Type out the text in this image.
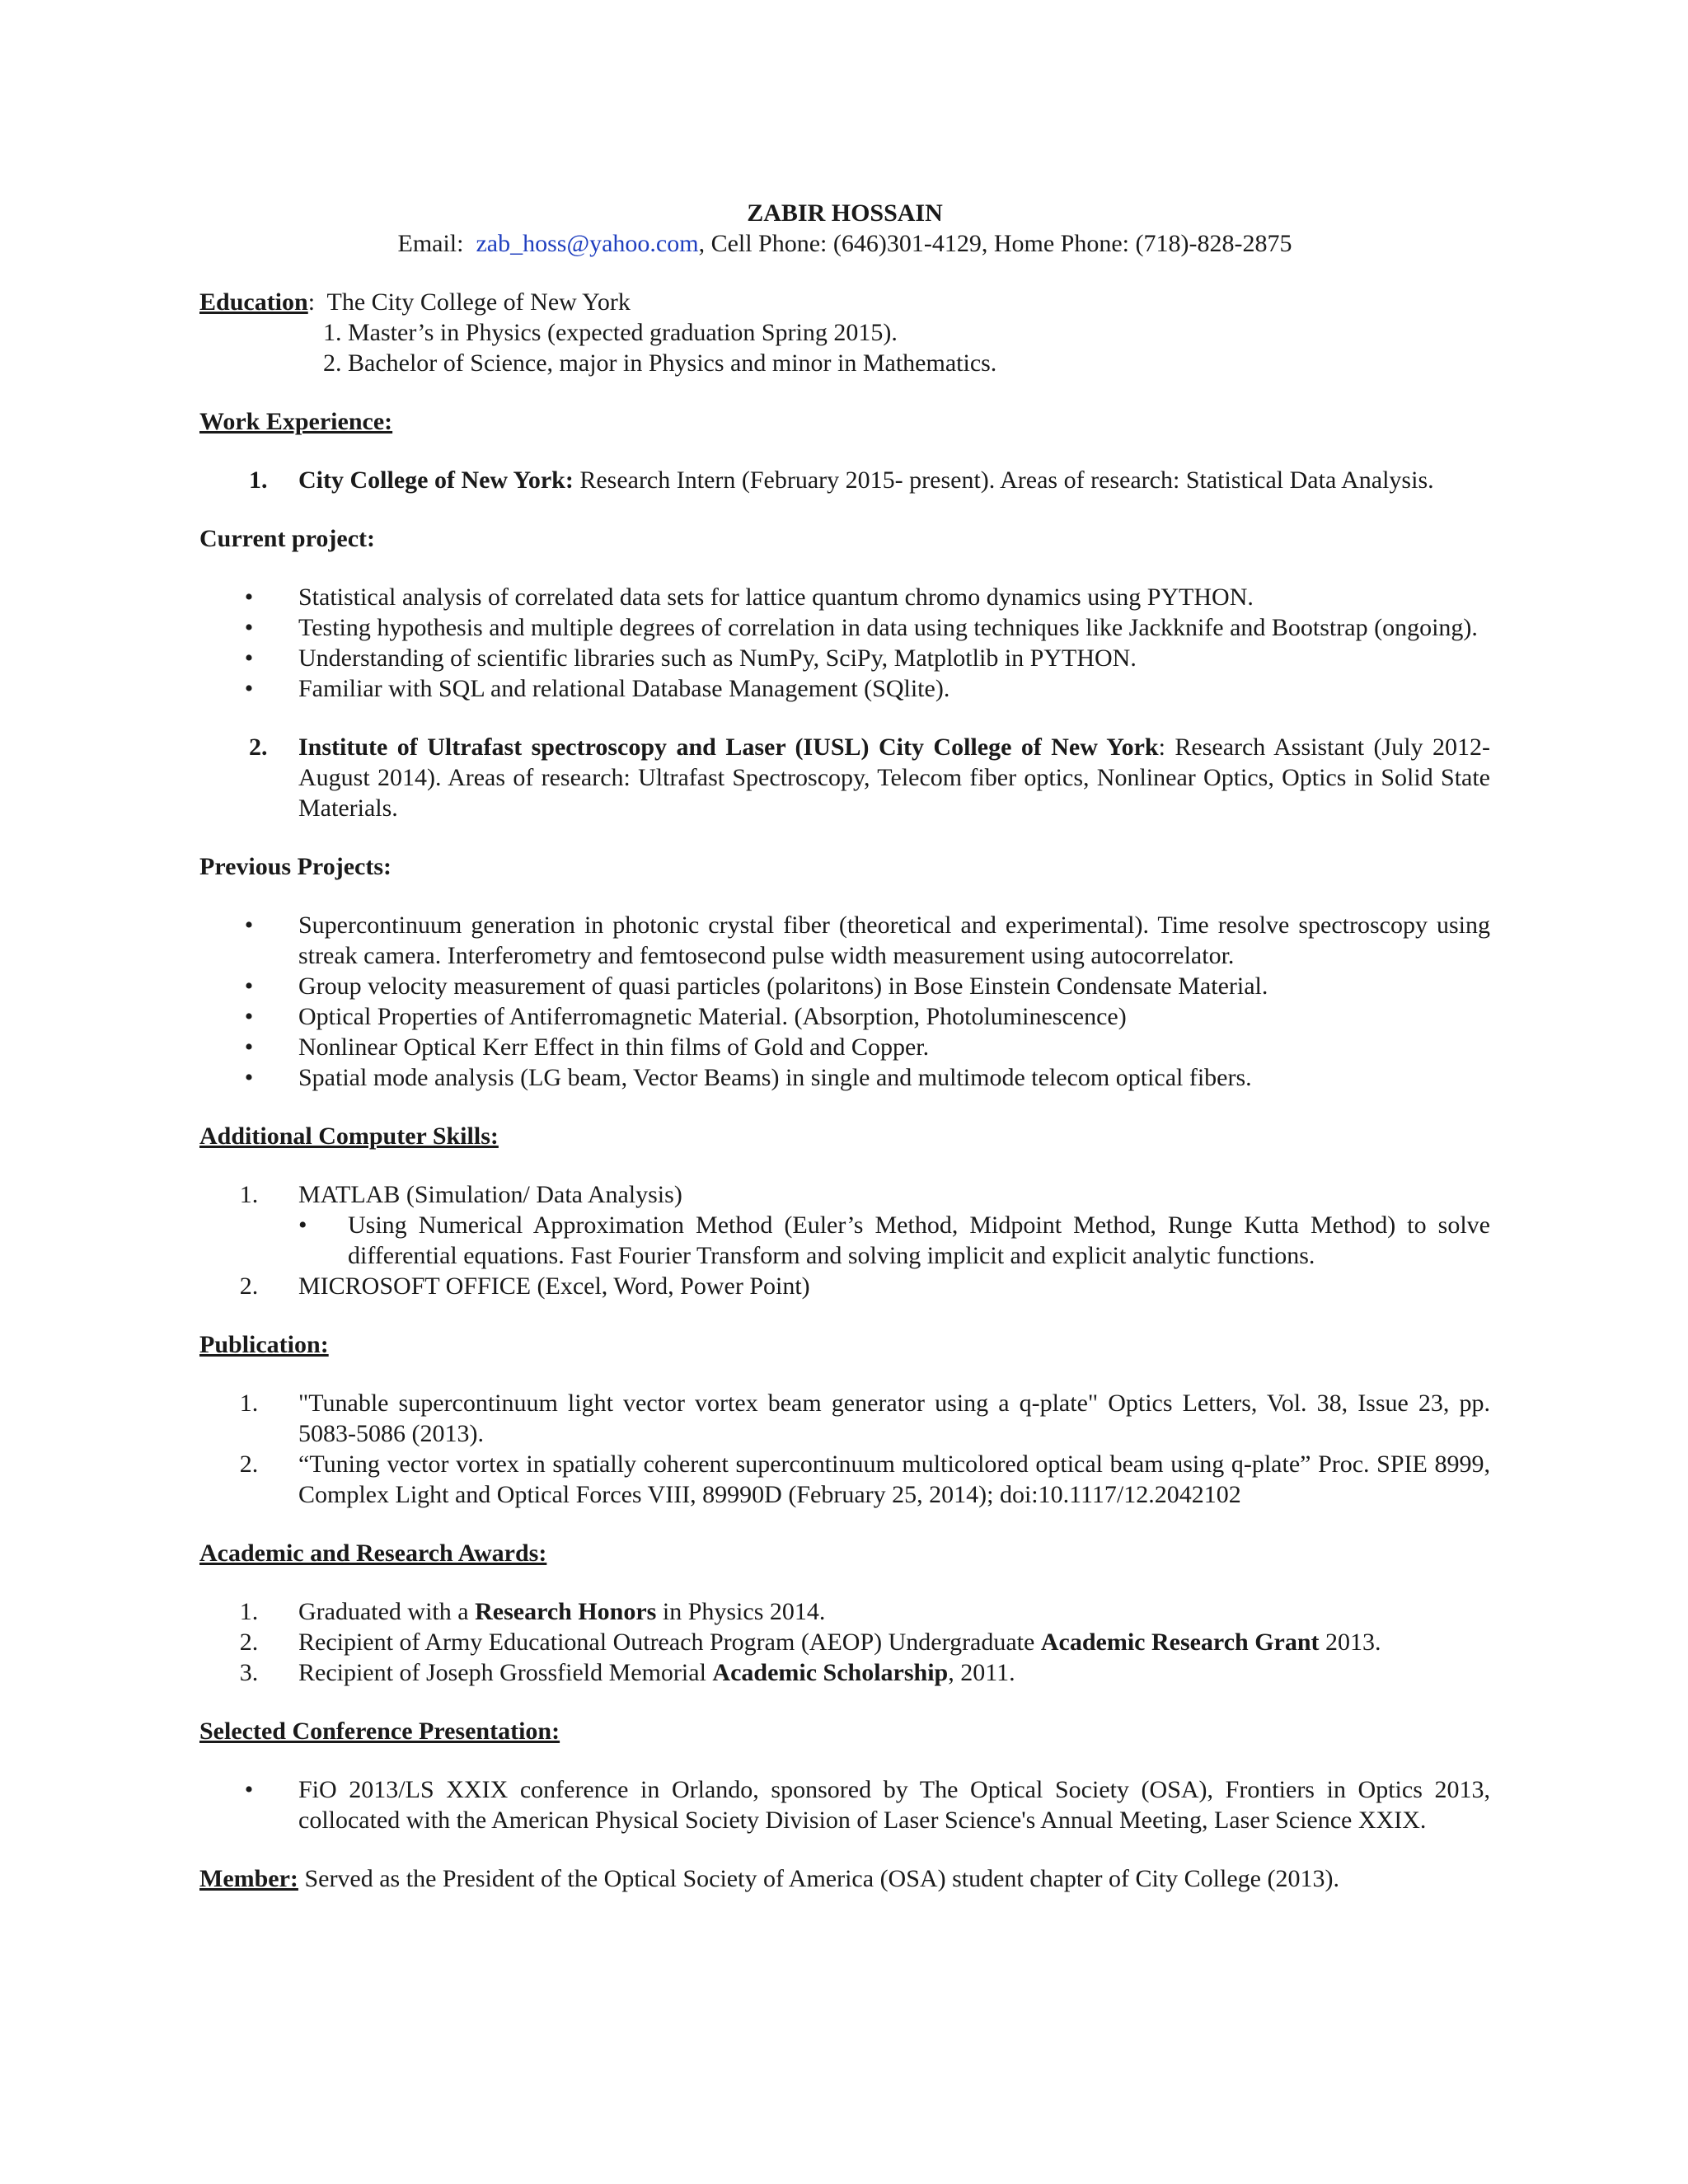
ZABIR HOSSAIN
Email: zab_hoss@yahoo.com, Cell Phone: (646)301-4129, Home Phone: (718)-828-2875
Education: The City College of New York
1. Master’s in Physics (expected graduation Spring 2015).
2. Bachelor of Science, major in Physics and minor in Mathematics.
Work Experience:
1.	City College of New York: Research Intern (February 2015- present). Areas of research: Statistical Data Analysis.
Current project:
•	Statistical analysis of correlated data sets for lattice quantum chromo dynamics using PYTHON.
•	Testing hypothesis and multiple degrees of correlation in data using techniques like Jackknife and Bootstrap (ongoing).
•	Understanding of scientific libraries such as NumPy, SciPy, Matplotlib in PYTHON.
•	Familiar with SQL and relational Database Management (SQlite).
2.	Institute of Ultrafast spectroscopy and Laser (IUSL) City College of New York: Research Assistant (July 2012-August 2014). Areas of research: Ultrafast Spectroscopy, Telecom fiber optics, Nonlinear Optics, Optics in Solid State Materials.
Previous Projects:
•	Supercontinuum generation in photonic crystal fiber (theoretical and experimental). Time resolve spectroscopy using streak camera. Interferometry and femtosecond pulse width measurement using autocorrelator.
•	Group velocity measurement of quasi particles (polaritons) in Bose Einstein Condensate Material.
•	Optical Properties of Antiferromagnetic Material. (Absorption, Photoluminescence)
•	Nonlinear Optical Kerr Effect in thin films of Gold and Copper.
•	Spatial mode analysis (LG beam, Vector Beams) in single and multimode telecom optical fibers.
Additional Computer Skills:
1.	MATLAB (Simulation/ Data Analysis)
•	Using Numerical Approximation Method (Euler’s Method, Midpoint Method, Runge Kutta Method) to solve differential equations. Fast Fourier Transform and solving implicit and explicit analytic functions.
2.	MICROSOFT OFFICE (Excel, Word, Power Point)
Publication:
1.	"Tunable supercontinuum light vector vortex beam generator using a q-plate" Optics Letters, Vol. 38, Issue 23, pp. 5083-5086 (2013).
2.	“Tuning vector vortex in spatially coherent supercontinuum multicolored optical beam using q-plate” Proc. SPIE 8999, Complex Light and Optical Forces VIII, 89990D (February 25, 2014); doi:10.1117/12.2042102
Academic and Research Awards:
1.	Graduated with a Research Honors in Physics 2014.
2.	Recipient of Army Educational Outreach Program (AEOP) Undergraduate Academic Research Grant 2013.
3.	Recipient of Joseph Grossfield Memorial Academic Scholarship, 2011.
Selected Conference Presentation:
•	FiO 2013/LS XXIX conference in Orlando, sponsored by The Optical Society (OSA), Frontiers in Optics 2013, collocated with the American Physical Society Division of Laser Science's Annual Meeting, Laser Science XXIX.
Member: Served as the President of the Optical Society of America (OSA) student chapter of City College (2013).
